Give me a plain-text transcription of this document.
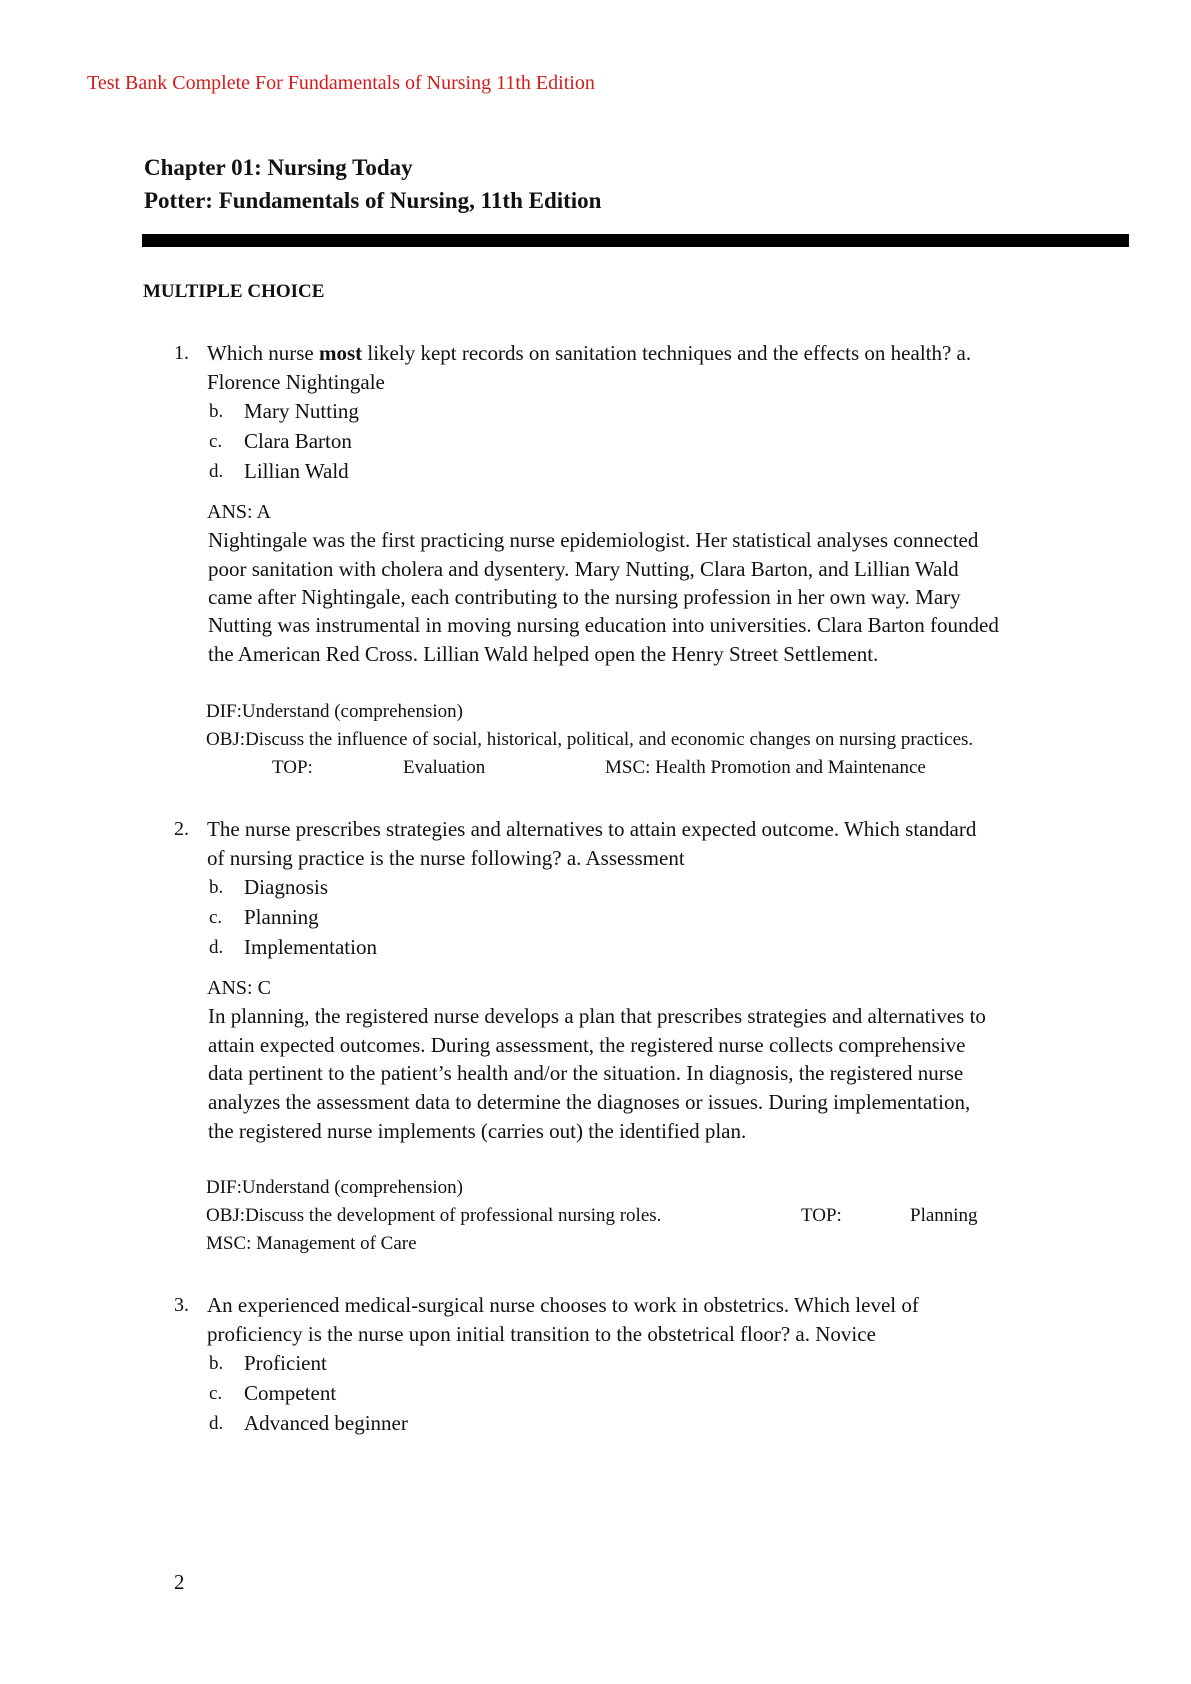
Test Bank Complete For Fundamentals of Nursing 11th Edition
Chapter 01: Nursing Today
Potter: Fundamentals of Nursing, 11th Edition
MULTIPLE CHOICE
1. Which nurse most likely kept records on sanitation techniques and the effects on health? a.
Florence Nightingale
b. Mary Nutting
c. Clara Barton
d. Lillian Wald
ANS: A
Nightingale was the first practicing nurse epidemiologist. Her statistical analyses connected
poor sanitation with cholera and dysentery. Mary Nutting, Clara Barton, and Lillian Wald
came after Nightingale, each contributing to the nursing profession in her own way. Mary
Nutting was instrumental in moving nursing education into universities. Clara Barton founded
the American Red Cross. Lillian Wald helped open the Henry Street Settlement.
DIF:Understand (comprehension)
OBJ:Discuss the influence of social, historical, political, and economic changes on nursing practices.
TOP:	Evaluation	MSC: Health Promotion and Maintenance
2. The nurse prescribes strategies and alternatives to attain expected outcome. Which standard
of nursing practice is the nurse following? a. Assessment
b. Diagnosis
c. Planning
d. Implementation
ANS: C
In planning, the registered nurse develops a plan that prescribes strategies and alternatives to
attain expected outcomes. During assessment, the registered nurse collects comprehensive
data pertinent to the patient’s health and/or the situation. In diagnosis, the registered nurse
analyzes the assessment data to determine the diagnoses or issues. During implementation,
the registered nurse implements (carries out) the identified plan.
DIF:Understand (comprehension)
OBJ:Discuss the development of professional nursing roles.	TOP:	Planning
MSC: Management of Care
3. An experienced medical-surgical nurse chooses to work in obstetrics. Which level of
proficiency is the nurse upon initial transition to the obstetrical floor? a. Novice
b. Proficient
c. Competent
d. Advanced beginner
2
